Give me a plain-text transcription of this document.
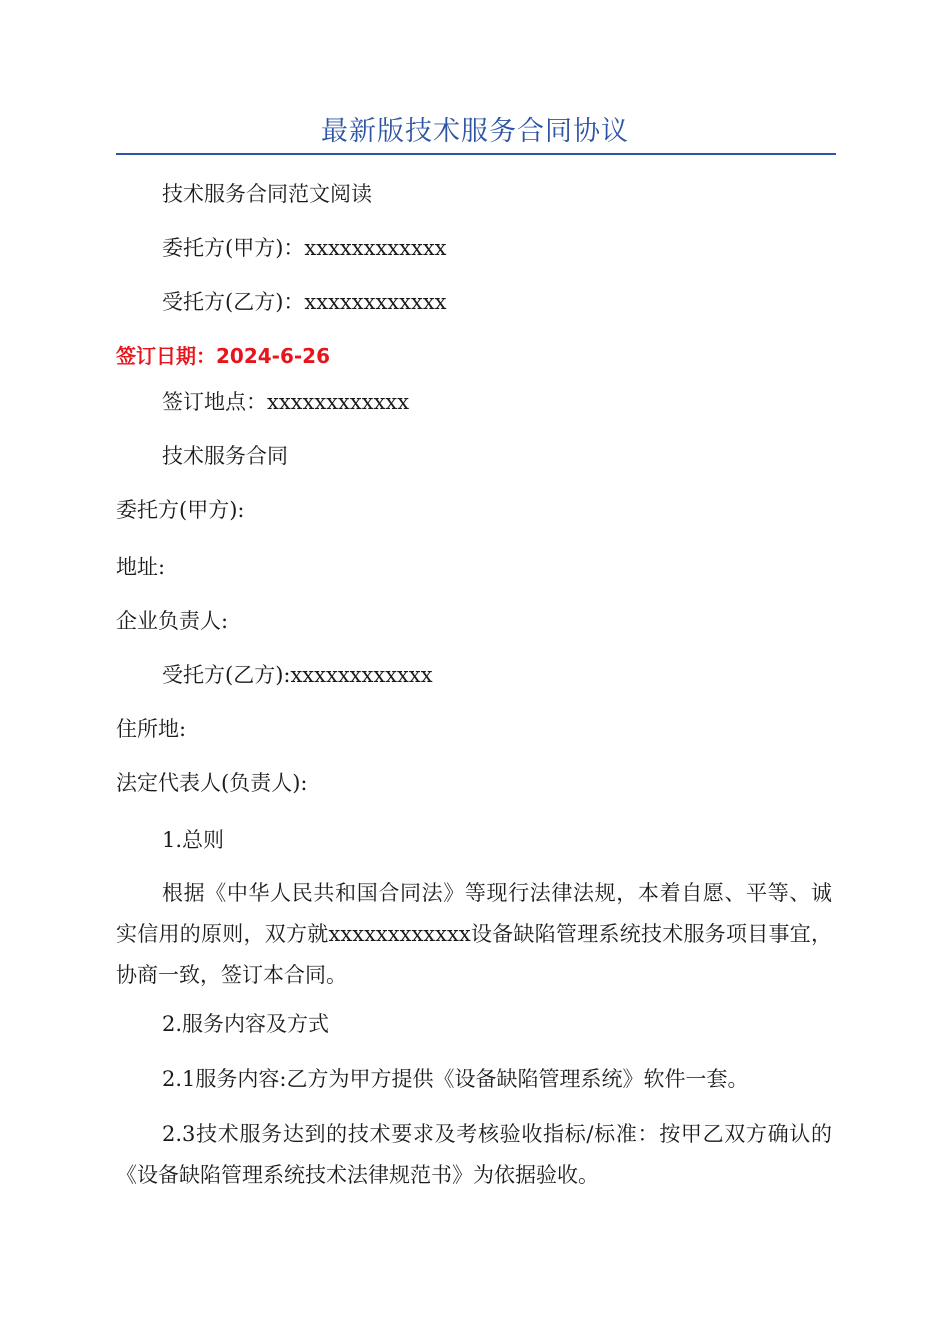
最新版技术服务合同协议
技术服务合同范文阅读
委托方(甲方)：xxxxxxxxxxxx
受托方(乙方)：xxxxxxxxxxxx
签订日期：2024-6-26
签订地点：xxxxxxxxxxxx
技术服务合同
委托方(甲方):
地址:
企业负责人:
受托方(乙方):xxxxxxxxxxxx
住所地:
法定代表人(负责人):
1.总则
根据《中华人民共和国合同法》等现行法律法规，本着自愿、平等、诚实信用的原则，双方就xxxxxxxxxxxx设备缺陷管理系统技术服务项目事宜，协商一致，签订本合同。
2.服务内容及方式
2.1服务内容:乙方为甲方提供《设备缺陷管理系统》软件一套。
2.3技术服务达到的技术要求及考核验收指标/标准：按甲乙双方确认的《设备缺陷管理系统技术法律规范书》为依据验收。
